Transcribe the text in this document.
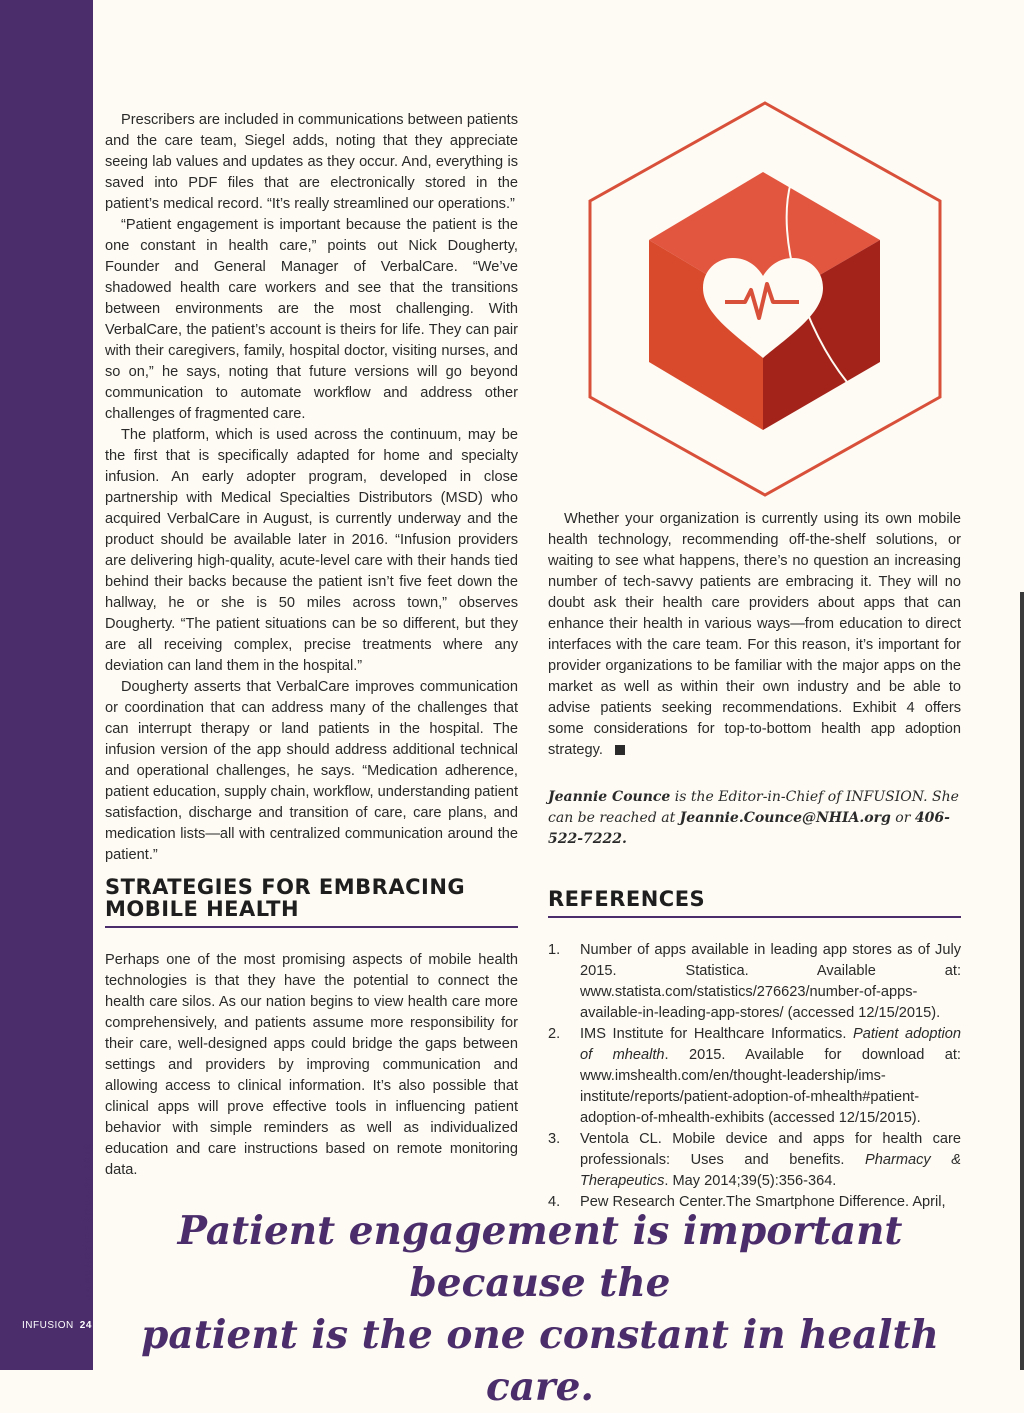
JANUARY/FEBRUARY 2016
INFUSION 24

Prescribers are included in communications between patients and the care team, Siegel adds, noting that they appreciate seeing lab values and updates as they occur. And, everything is saved into PDF files that are electronically stored in the patient’s medical record. “It’s really streamlined our operations.”

“Patient engagement is important because the patient is the one constant in health care,” points out Nick Dougherty, Founder and General Manager of VerbalCare. “We’ve shadowed health care workers and see that the transitions between environments are the most challenging. With VerbalCare, the patient’s account is theirs for life. They can pair with their caregivers, family, hospital doctor, visiting nurses, and so on,” he says, noting that future versions will go beyond communication to automate workflow and address other challenges of fragmented care.

The platform, which is used across the continuum, may be the first that is specifically adapted for home and specialty infusion. An early adopter program, developed in close partnership with Medical Specialties Distributors (MSD) who acquired VerbalCare in August, is currently underway and the product should be available later in 2016. “Infusion providers are delivering high-quality, acute-level care with their hands tied behind their backs because the patient isn’t five feet down the hallway, he or she is 50 miles across town,” observes Dougherty. “The patient situations can be so different, but they are all receiving complex, precise treatments where any deviation can land them in the hospital.”

Dougherty asserts that VerbalCare improves communication or coordination that can address many of the challenges that can interrupt therapy or land patients in the hospital. The infusion version of the app should address additional technical and operational challenges, he says. “Medication adherence, patient education, supply chain, workflow, understanding patient satisfaction, discharge and transition of care, care plans, and medication lists—all with centralized communication around the patient.”

STRATEGIES FOR EMBRACING
MOBILE HEALTH

Perhaps one of the most promising aspects of mobile health technologies is that they have the potential to connect the health care silos. As our nation begins to view health care more comprehensively, and patients assume more responsibility for their care, well-designed apps could bridge the gaps between settings and providers by improving communication and allowing access to clinical information. It’s also possible that clinical apps will prove effective tools in influencing patient behavior with simple reminders as well as individualized education and care instructions based on remote monitoring data.

Whether your organization is currently using its own mobile health technology, recommending off-the-shelf solutions, or waiting to see what happens, there’s no question an increasing number of tech-savvy patients are embracing it. They will no doubt ask their health care providers about apps that can enhance their health in various ways—from education to direct interfaces with the care team. For this reason, it’s important for provider organizations to be familiar with the major apps on the market as well as within their own industry and be able to advise patients seeking recommendations. Exhibit 4 offers some considerations for top-to-bottom health app adoption strategy.

Jeannie Counce is the Editor-in-Chief of INFUSION. She can be reached at Jeannie.Counce@NHIA.org or 406-522-7222.
REFERENCES
1.	Number of apps available in leading app stores as of July 2015. Statistica. Available at: www.statista.com/statistics/276623/number-of-apps-available-in-leading-app-stores/ (accessed 12/15/2015).
2.	IMS Institute for Healthcare Informatics. Patient adoption of mhealth. 2015. Available for download at: www.imshealth.com/en/thought-leadership/ims-institute/reports/patient-adoption-of-mhealth#patient-adoption-of-mhealth-exhibits (accessed 12/15/2015).
3.	Ventola CL. Mobile device and apps for health care professionals: Uses and benefits. Pharmacy & Therapeutics. May 2014;39(5):356-364.
4.	Pew Research Center.The Smartphone Difference. April,
Patient engagement is important because the
patient is the one constant in health care.
